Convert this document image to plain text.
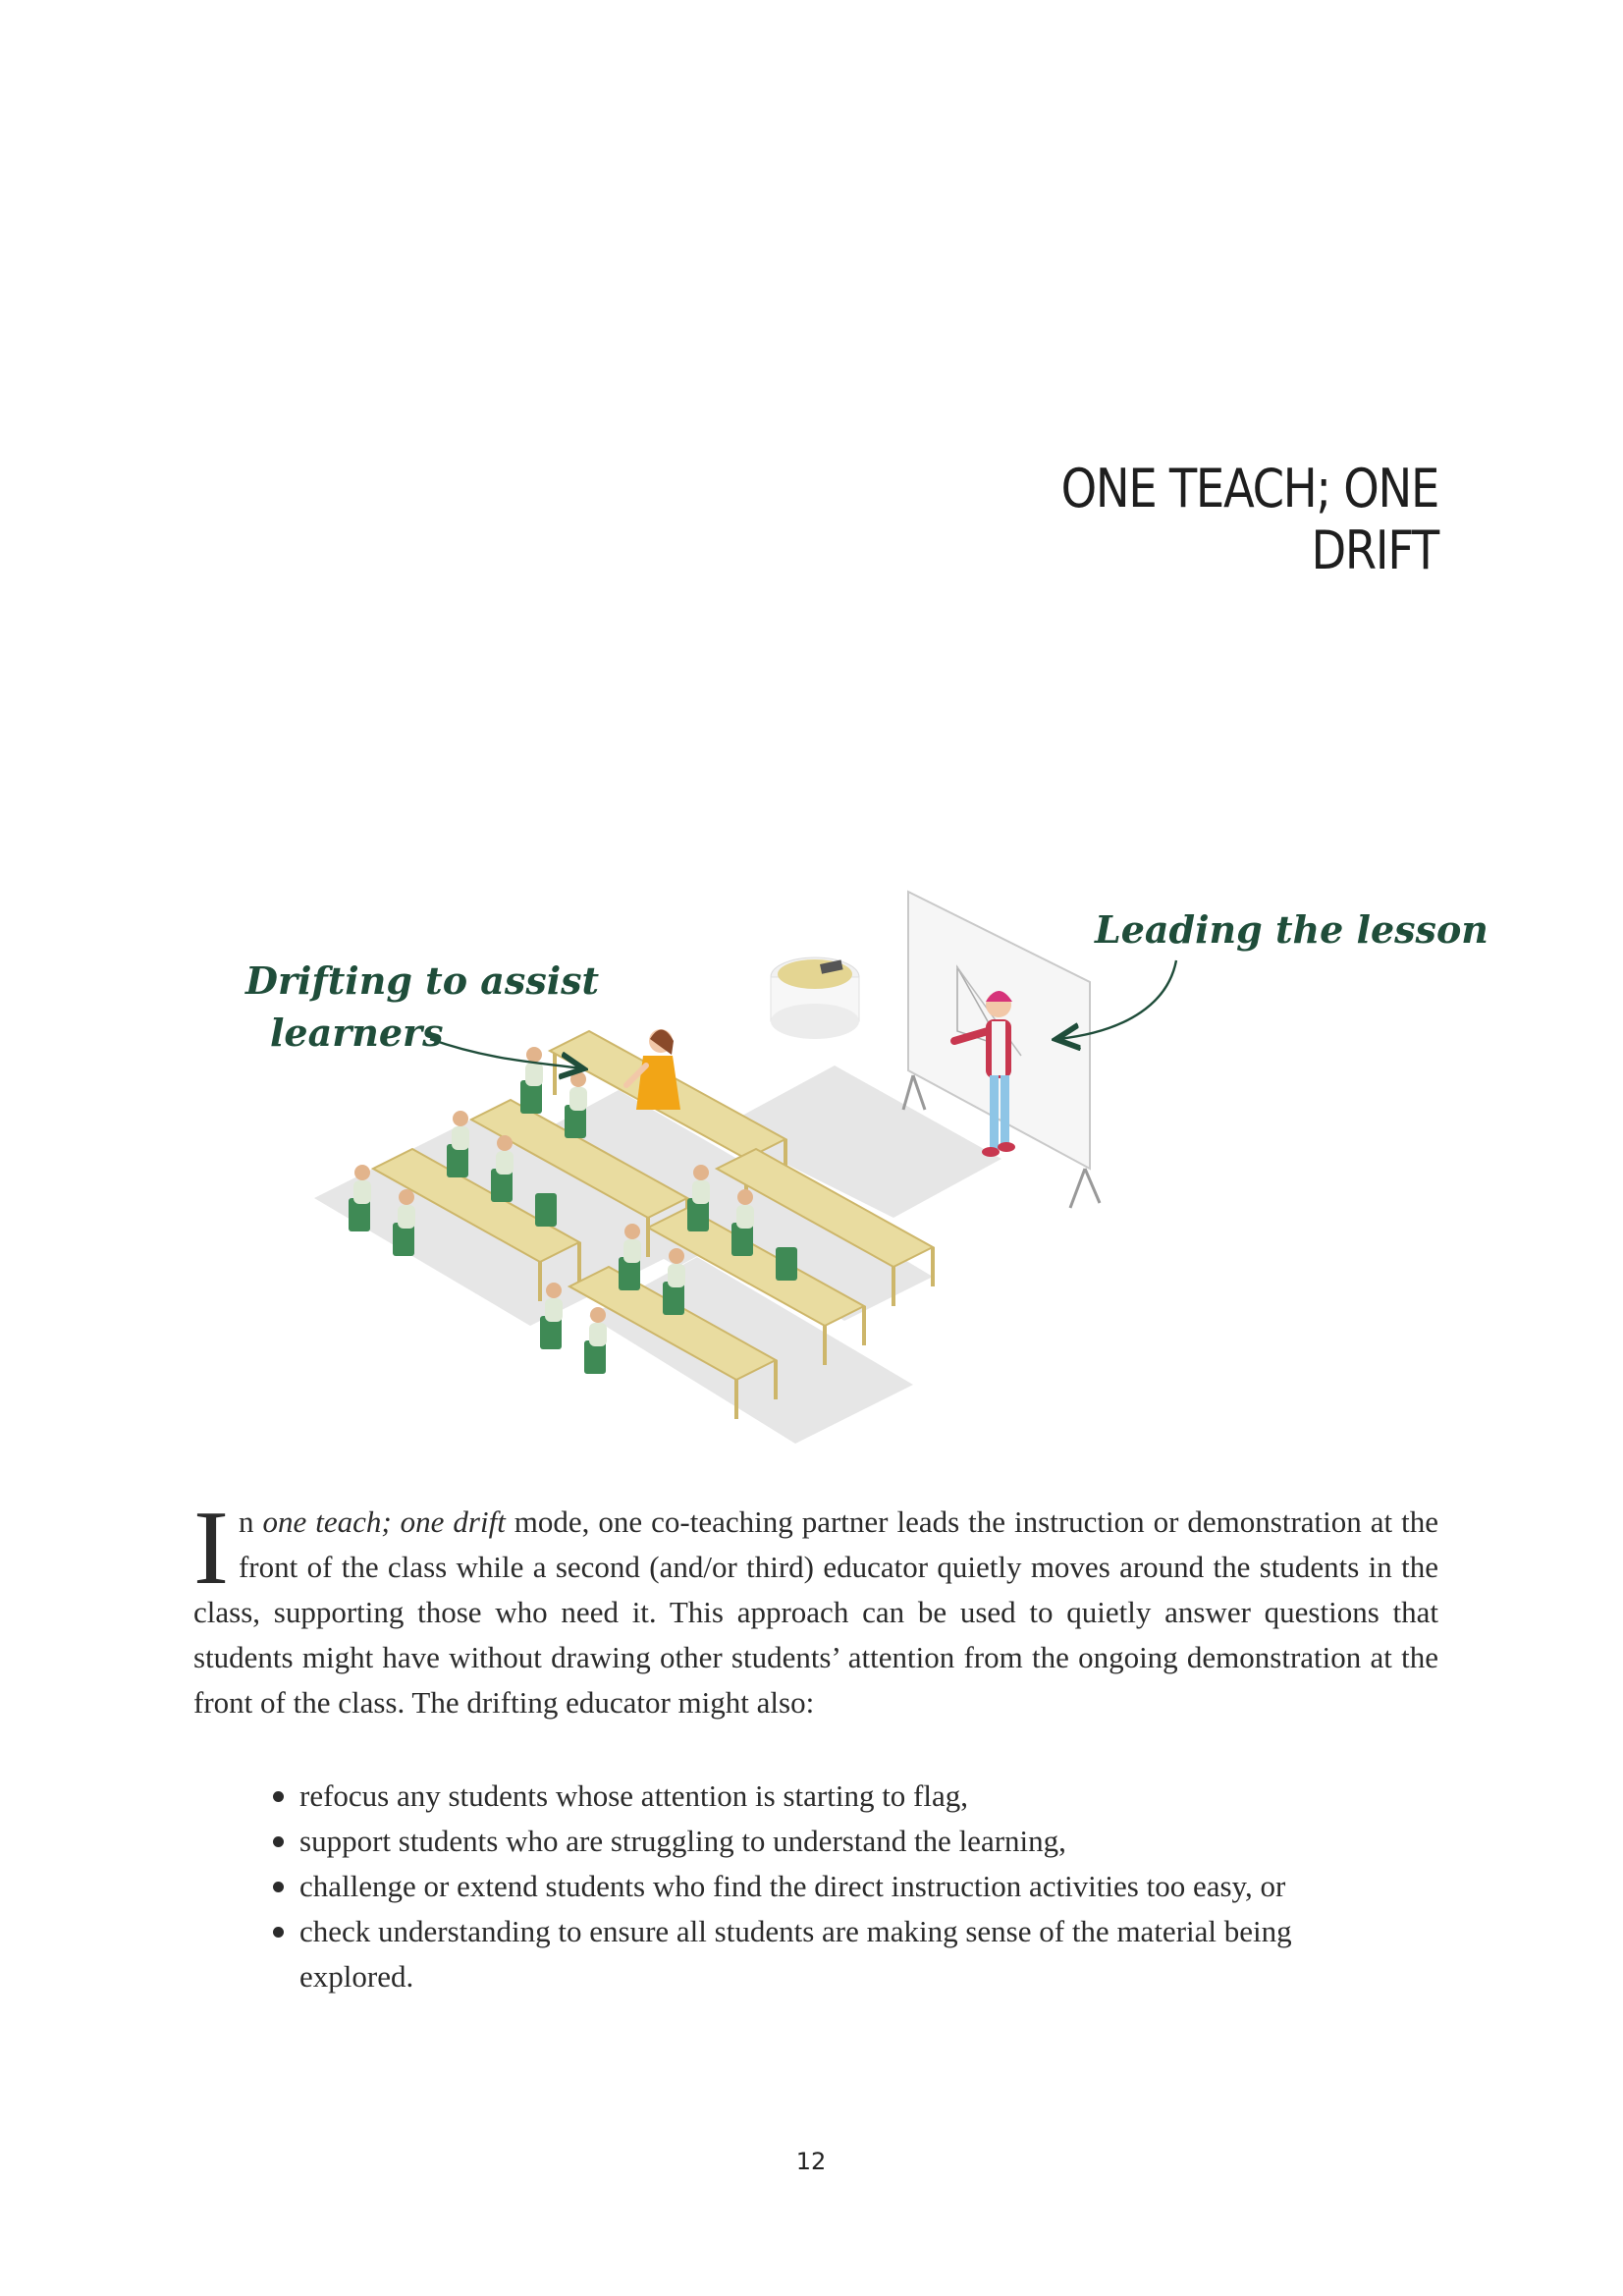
ONE TEACH; ONE DRIFT
Drifting to assist
learners
Leading the lesson

In one teach; one drift mode, one co-teaching partner leads the instruction or demonstration at the front of the class while a second (and/or third) educator quietly moves around the students in the class, supporting those who need it. This approach can be used to quietly answer questions that students might have without drawing other students’ attention from the ongoing demonstration at the front of the class. The drifting educator might also:

refocus any students whose attention is starting to flag,
support students who are struggling to understand the learning,
challenge or extend students who find the direct instruction activities too easy, or
check understanding to ensure all students are making sense of the material being explored.
12
